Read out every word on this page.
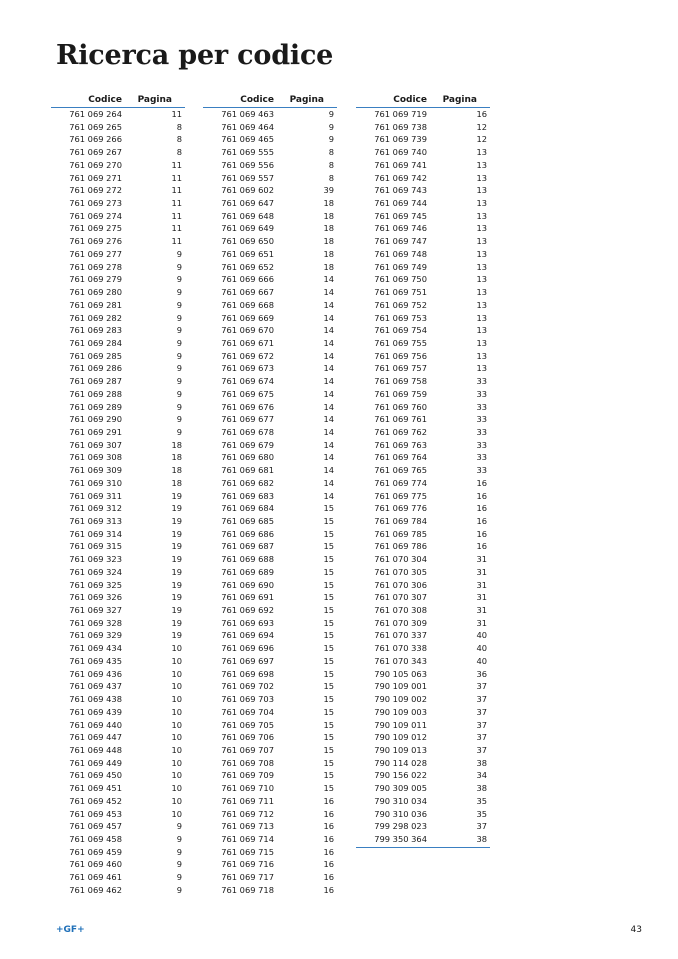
Ricerca per codice
Codice	Pagina
761 069 264	11
761 069 265	8
761 069 266	8
761 069 267	8
761 069 270	11
761 069 271	11
761 069 272	11
761 069 273	11
761 069 274	11
761 069 275	11
761 069 276	11
761 069 277	9
761 069 278	9
761 069 279	9
761 069 280	9
761 069 281	9
761 069 282	9
761 069 283	9
761 069 284	9
761 069 285	9
761 069 286	9
761 069 287	9
761 069 288	9
761 069 289	9
761 069 290	9
761 069 291	9
761 069 307	18
761 069 308	18
761 069 309	18
761 069 310	18
761 069 311	19
761 069 312	19
761 069 313	19
761 069 314	19
761 069 315	19
761 069 323	19
761 069 324	19
761 069 325	19
761 069 326	19
761 069 327	19
761 069 328	19
761 069 329	19
761 069 434	10
761 069 435	10
761 069 436	10
761 069 437	10
761 069 438	10
761 069 439	10
761 069 440	10
761 069 447	10
761 069 448	10
761 069 449	10
761 069 450	10
761 069 451	10
761 069 452	10
761 069 453	10
761 069 457	9
761 069 458	9
761 069 459	9
761 069 460	9
761 069 461	9
761 069 462	9
Codice	Pagina
761 069 463	9
761 069 464	9
761 069 465	9
761 069 555	8
761 069 556	8
761 069 557	8
761 069 602	39
761 069 647	18
761 069 648	18
761 069 649	18
761 069 650	18
761 069 651	18
761 069 652	18
761 069 666	14
761 069 667	14
761 069 668	14
761 069 669	14
761 069 670	14
761 069 671	14
761 069 672	14
761 069 673	14
761 069 674	14
761 069 675	14
761 069 676	14
761 069 677	14
761 069 678	14
761 069 679	14
761 069 680	14
761 069 681	14
761 069 682	14
761 069 683	14
761 069 684	15
761 069 685	15
761 069 686	15
761 069 687	15
761 069 688	15
761 069 689	15
761 069 690	15
761 069 691	15
761 069 692	15
761 069 693	15
761 069 694	15
761 069 696	15
761 069 697	15
761 069 698	15
761 069 702	15
761 069 703	15
761 069 704	15
761 069 705	15
761 069 706	15
761 069 707	15
761 069 708	15
761 069 709	15
761 069 710	15
761 069 711	16
761 069 712	16
761 069 713	16
761 069 714	16
761 069 715	16
761 069 716	16
761 069 717	16
761 069 718	16
Codice	Pagina
761 069 719	16
761 069 738	12
761 069 739	12
761 069 740	13
761 069 741	13
761 069 742	13
761 069 743	13
761 069 744	13
761 069 745	13
761 069 746	13
761 069 747	13
761 069 748	13
761 069 749	13
761 069 750	13
761 069 751	13
761 069 752	13
761 069 753	13
761 069 754	13
761 069 755	13
761 069 756	13
761 069 757	13
761 069 758	33
761 069 759	33
761 069 760	33
761 069 761	33
761 069 762	33
761 069 763	33
761 069 764	33
761 069 765	33
761 069 774	16
761 069 775	16
761 069 776	16
761 069 784	16
761 069 785	16
761 069 786	16
761 070 304	31
761 070 305	31
761 070 306	31
761 070 307	31
761 070 308	31
761 070 309	31
761 070 337	40
761 070 338	40
761 070 343	40
790 105 063	36
790 109 001	37
790 109 002	37
790 109 003	37
790 109 011	37
790 109 012	37
790 109 013	37
790 114 028	38
790 156 022	34
790 309 005	38
790 310 034	35
790 310 036	35
799 298 023	37
799 350 364	38
+GF+	43
